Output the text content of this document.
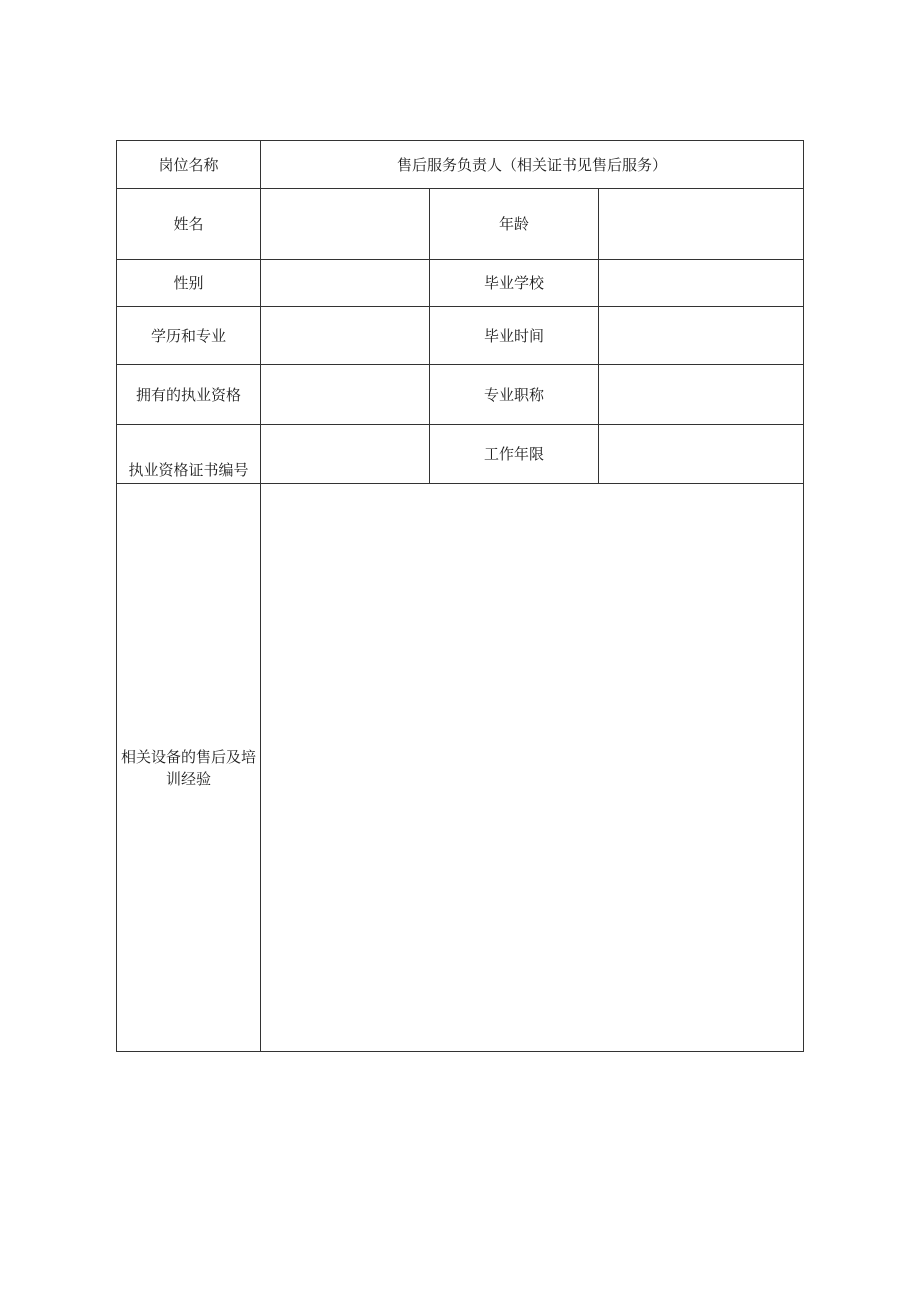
岗位名称	售后服务负责人（相关证书见售后服务）		
姓名		年龄	
性别		毕业学校	
学历和专业		毕业时间	
拥有的执业资格		专业职称	
执业资格证书编号		工作年限	

相关设备的售后及培训经验			
